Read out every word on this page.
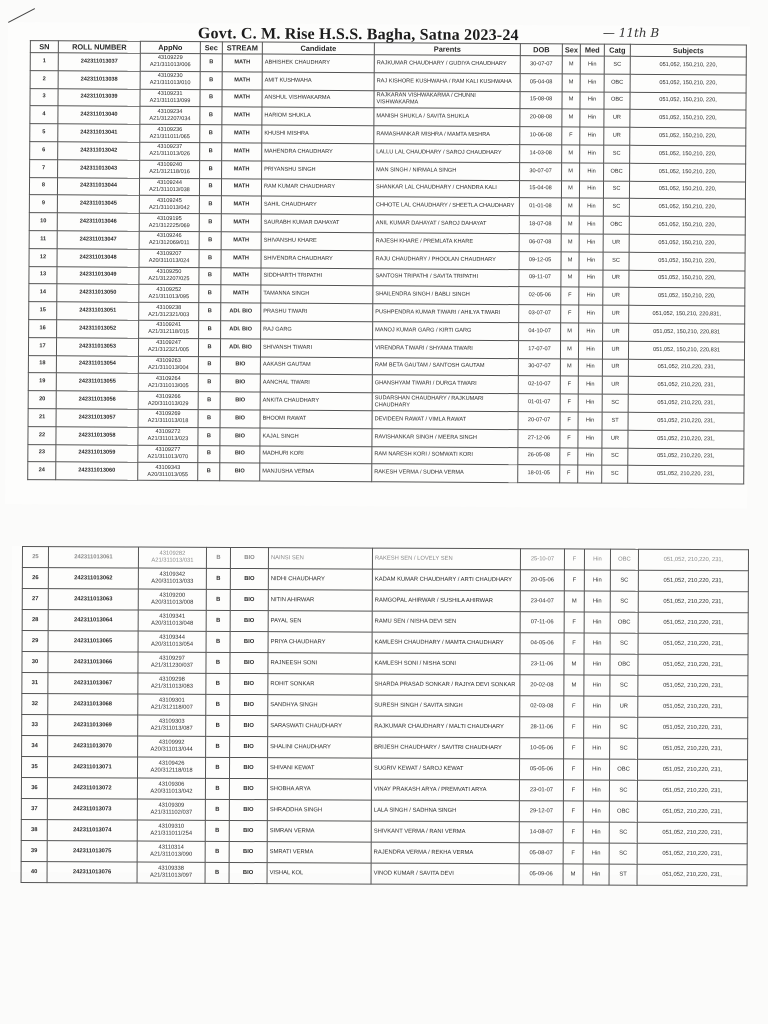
Govt. C. M. Rise H.S.S. Bagha, Satna 2023-24	— 11th B
SN	ROLL NUMBER	AppNo	Sec	STREAM	Candidate	Parents	DOB	Sex	Med	Catg	Subjects
1	242311013037	43109229
A21/311013/006	B	MATH	ABHISHEK CHAUDHARY	RAJKUMAR CHAUDHARY / GUDIYA CHAUDHARY	30-07-07	M	Hin	SC	051,052, 150,210, 220,
2	242311013038	43109230
A21/311013/010	B	MATH	AMIT KUSHWAHA	RAJ KISHORE KUSHWAHA / RAM KALI KUSHWAHA	05-04-08	M	Hin	OBC	051,052, 150,210, 220,
3	242311013039	43109231
A21/311013/099	B	MATH	ANSHUL VISHWAKARMA	RAJKARAN VISHWAKARMA / CHUNNI VISHWAKARMA	15-08-08	M	Hin	OBC	051,052, 150,210, 220,
4	242311013040	43109234
A21/312207/034	B	MATH	HARIOM SHUKLA	MANISH SHUKLA / SAVITA SHUKLA	20-08-08	M	Hin	UR	051,052, 150,210, 220,
5	242311013041	43109236
A21/311011/065	B	MATH	KHUSHI MISHRA	RAMASHANKAR MISHRA / MAMTA MISHRA	10-06-08	F	Hin	UR	051,052, 150,210, 220,
6	242311013042	43109237
A21/311013/026	B	MATH	MAHENDRA CHAUDHARY	LALLU LAL CHAUDHARY / SAROJ CHAUDHARY	14-03-08	M	Hin	SC	051,052, 150,210, 220,
7	242311013043	43109240
A21/312118/016	B	MATH	PRIYANSHU SINGH	MAN SINGH / NIRMALA SINGH	30-07-07	M	Hin	OBC	051,052, 150,210, 220,
8	242311013044	43109244
A21/311013/038	B	MATH	RAM KUMAR CHAUDHARY	SHANKAR LAL CHAUDHARY / CHANDRA KALI	15-04-08	M	Hin	SC	051,052, 150,210, 220,
9	242311013045	43109245
A21/311013/042	B	MATH	SAHIL CHAUDHARY	CHHOTE LAL CHAUDHARY / SHEETLA CHAUDHARY	01-01-08	M	Hin	SC	051,052, 150,210, 220,
10	242311013046	43109195
A21/312225/069	B	MATH	SAURABH KUMAR DAHAYAT	ANIL KUMAR DAHAYAT / SAROJ DAHAYAT	18-07-08	M	Hin	OBC	051,052, 150,210, 220,
11	242311013047	43109246
A21/312069/011	B	MATH	SHIVANSHU KHARE	RAJESH KHARE / PREMLATA KHARE	06-07-08	M	Hin	UR	051,052, 150,210, 220,
12	242311013048	43109207
A20/311013/024	B	MATH	SHIVENDRA CHAUDHARY	RAJU CHAUDHARY / PHOOLAN CHAUDHARY	09-12-05	M	Hin	SC	051,052, 150,210, 220,
13	242311013049	43109250
A21/312207/025	B	MATH	SIDDHARTH TRIPATHI	SANTOSH TRIPATHI / SAVITA TRIPATHI	09-11-07	M	Hin	UR	051,052, 150,210, 220,
14	242311013050	43109252
A21/311013/095	B	MATH	TAMANNA SINGH	SHAILENDRA SINGH / BABLI SINGH	02-05-06	F	Hin	UR	051,052, 150,210, 220,
15	242311013051	43109238
A21/312321/003	B	ADI. BIO	PRASHU TIWARI	PUSHPENDRA KUMAR TIWARI / AHILYA TIWARI	03-07-07	F	Hin	UR	051,052, 150,210, 220,831,
16	242311013052	43109241
A21/312118/015	B	ADI. BIO	RAJ GARG	MANOJ KUMAR GARG / KIRTI GARG	04-10-07	M	Hin	UR	051,052, 150,210, 220,831
17	242311013053	43109247
A21/312321/005	B	ADI. BIO	SHIVANSH TIWARI	VIRENDRA TIWARI / SHYAMA TIWARI	17-07-07	M	Hin	UR	051,052, 150,210, 220,831
18	242311013054	43109263
A21/311013/004	B	BIO	AAKASH GAUTAM	RAM BETA GAUTAM / SANTOSH GAUTAM	30-07-07	M	Hin	UR	051,052, 210,220, 231,
19	242311013055	43109264
A21/311013/005	B	BIO	AANCHAL TIWARI	GHANSHYAM TIWARI / DURGA TIWARI	02-10-07	F	Hin	UR	051,052, 210,220, 231,
20	242311013056	43109266
A20/311013/029	B	BIO	ANKITA CHAUDHARY	SUDARSHAN CHAUDHARY / RAJKUMARI CHAUDHARY	01-01-07	F	Hin	SC	051,052, 210,220, 231,
21	242311013057	43109269
A21/311013/018	B	BIO	BHOOMI RAWAT	DEVIDEEN RAWAT / VIMLA RAWAT	20-07-07	F	Hin	ST	051,052, 210,220, 231,
22	242311013058	43109272
A21/311013/023	B	BIO	KAJAL SINGH	RAVISHANKAR SINGH / MEERA SINGH	27-12-06	F	Hin	UR	051,052, 210,220, 231,
23	242311013059	43109277
A21/311013/070	B	BIO	MADHURI KORI	RAM NARESH KORI / SOMWATI KORI	26-05-08	F	Hin	SC	051,052, 210,220, 231,
24	242311013060	43109343
A20/311013/055	B	BIO	MANJUSHA VERMA	RAKESH VERMA / SUDHA VERMA	18-01-05	F	Hin	SC	051,052, 210,220, 231,
25	242311013061	43109282
A21/311013/031	B	BIO	NAINSI SEN	RAKESH SEN / LOVELY SEN	25-10-07	F	Hin	OBC	051,052, 210,220, 231,
26	242311013062	43109342
A20/311013/033	B	BIO	NIDHI CHAUDHARY	KADAM KUMAR CHAUDHARY / ARTI CHAUDHARY	20-05-06	F	Hin	SC	051,052, 210,220, 231,
27	242311013063	43109200
A20/311013/008	B	BIO	NITIN AHIRWAR	RAMGOPAL AHIRWAR / SUSHILA AHIRWAR	23-04-07	M	Hin	SC	051,052, 210,220, 231,
28	242311013064	43109341
A20/311013/048	B	BIO	PAYAL SEN	RAMU SEN / NISHA DEVI SEN	07-11-06	F	Hin	OBC	051,052, 210,220, 231,
29	242311013065	43109344
A20/311013/054	B	BIO	PRIYA CHAUDHARY	KAMLESH CHAUDHARY / MAMTA CHAUDHARY	04-05-06	F	Hin	SC	051,052, 210,220, 231,
30	242311013066	43109297
A21/311230/037	B	BIO	RAJNEESH SONI	KAMLESH SONI / NISHA SONI	23-11-06	M	Hin	OBC	051,052, 210,220, 231,
31	242311013067	43109298
A21/311013/083	B	BIO	ROHIT SONKAR	SHARDA PRASAD SONKAR / RAJIYA DEVI SONKAR	20-02-08	M	Hin	SC	051,052, 210,220, 231,
32	242311013068	43109301
A21/312118/007	B	BIO	SANDHYA SINGH	SURESH SINGH / SAVITA SINGH	02-03-08	F	Hin	UR	051,052, 210,220, 231,
33	242311013069	43109303
A21/311013/087	B	BIO	SARASWATI CHAUDHARY	RAJKUMAR CHAUDHARY / MALTI CHAUDHARY	28-11-06	F	Hin	SC	051,052, 210,220, 231,
34	242311013070	43109992
A20/311013/044	B	BIO	SHALINI CHAUDHARY	BRIJESH CHAUDHARY / SAVITRI CHAUDHARY	10-05-06	F	Hin	SC	051,052, 210,220, 231,
35	242311013071	43109426
A20/312118/018	B	BIO	SHIVANI KEWAT	SUGRIV KEWAT / SAROJ KEWAT	05-05-06	F	Hin	OBC	051,052, 210,220, 231,
36	242311013072	43109306
A20/311013/042	B	BIO	SHOBHA ARYA	VINAY PRAKASH ARYA / PREMVATI ARYA	23-01-07	F	Hin	SC	051,052, 210,220, 231,
37	242311013073	43109309
A21/311102/037	B	BIO	SHRADDHA SINGH	LALA SINGH / SADHNA SINGH	29-12-07	F	Hin	OBC	051,052, 210,220, 231,
38	242311013074	43109310
A21/311011/254	B	BIO	SIMRAN VERMA	SHIVKANT VERMA / RANI VERMA	14-08-07	F	Hin	SC	051,052, 210,220, 231,
39	242311013075	43110314
A21/311013/090	B	BIO	SMRATI VERMA	RAJENDRA VERMA / REKHA VERMA	05-08-07	F	Hin	SC	051,052, 210,220, 231,
40	242311013076	43109338
A21/311013/097	B	BIO	VISHAL KOL	VINOD KUMAR / SAVITA DEVI	05-09-06	M	Hin	ST	051,052, 210,220, 231,
